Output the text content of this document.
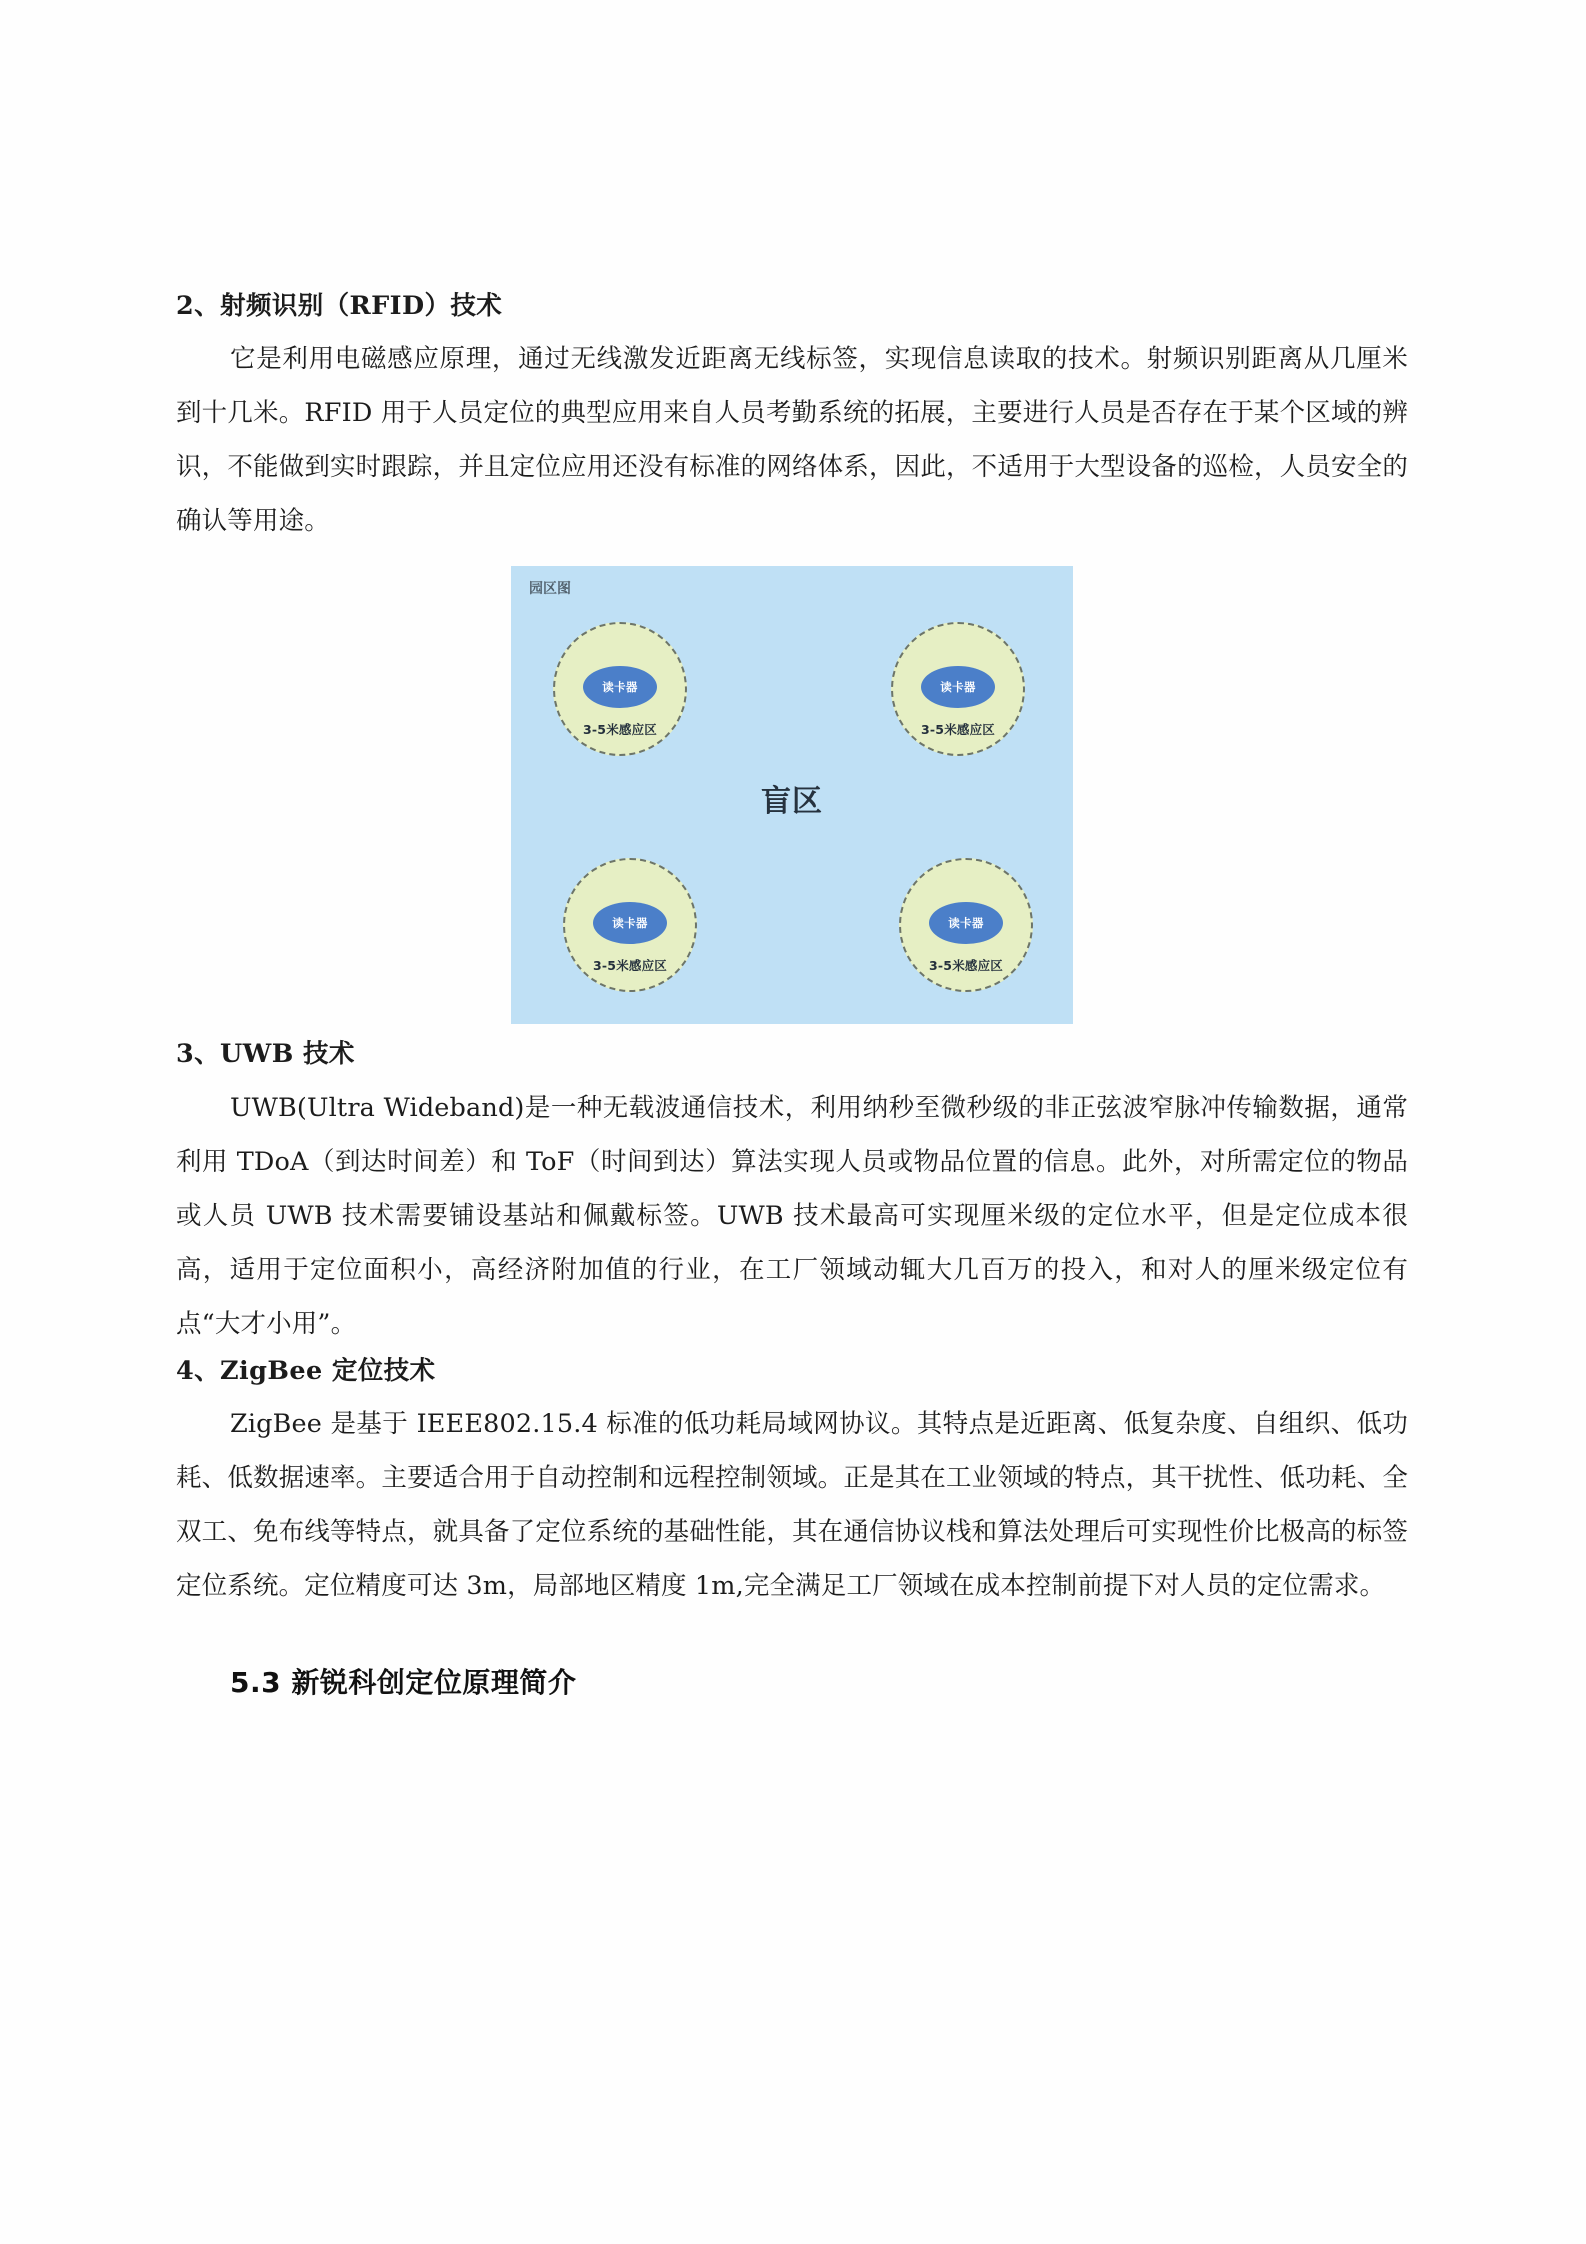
2、射频识别（RFID）技术

它是利用电磁感应原理，通过无线激发近距离无线标签，实现信息读取的技术。射频识别距离从几厘米到十几米。RFID 用于人员定位的典型应用来自人员考勤系统的拓展，主要进行人员是否存在于某个区域的辨识，不能做到实时跟踪，并且定位应用还没有标准的网络体系，因此，不适用于大型设备的巡检，人员安全的确认等用途。

园区图
读卡器
3-5米感应区
读卡器
3-5米感应区
读卡器
3-5米感应区
读卡器
3-5米感应区
盲区
3、UWB 技术

UWB(Ultra Wideband)是一种无载波通信技术，利用纳秒至微秒级的非正弦波窄脉冲传输数据，通常利用 TDoA（到达时间差）和 ToF（时间到达）算法实现人员或物品位置的信息。此外，对所需定位的物品或人员 UWB 技术需要铺设基站和佩戴标签。UWB 技术最高可实现厘米级的定位水平，但是定位成本很高，适用于定位面积小，高经济附加值的行业，在工厂领域动辄大几百万的投入，和对人的厘米级定位有点“大才小用”。

4、ZigBee 定位技术

ZigBee 是基于 IEEE802.15.4 标准的低功耗局域网协议。其特点是近距离、低复杂度、自组织、低功耗、低数据速率。主要适合用于自动控制和远程控制领域。正是其在工业领域的特点，其干扰性、低功耗、全双工、免布线等特点，就具备了定位系统的基础性能，其在通信协议栈和算法处理后可实现性价比极高的标签定位系统。定位精度可达 3m，局部地区精度 1m,完全满足工厂领域在成本控制前提下对人员的定位需求。

5.3 新锐科创定位原理简介
